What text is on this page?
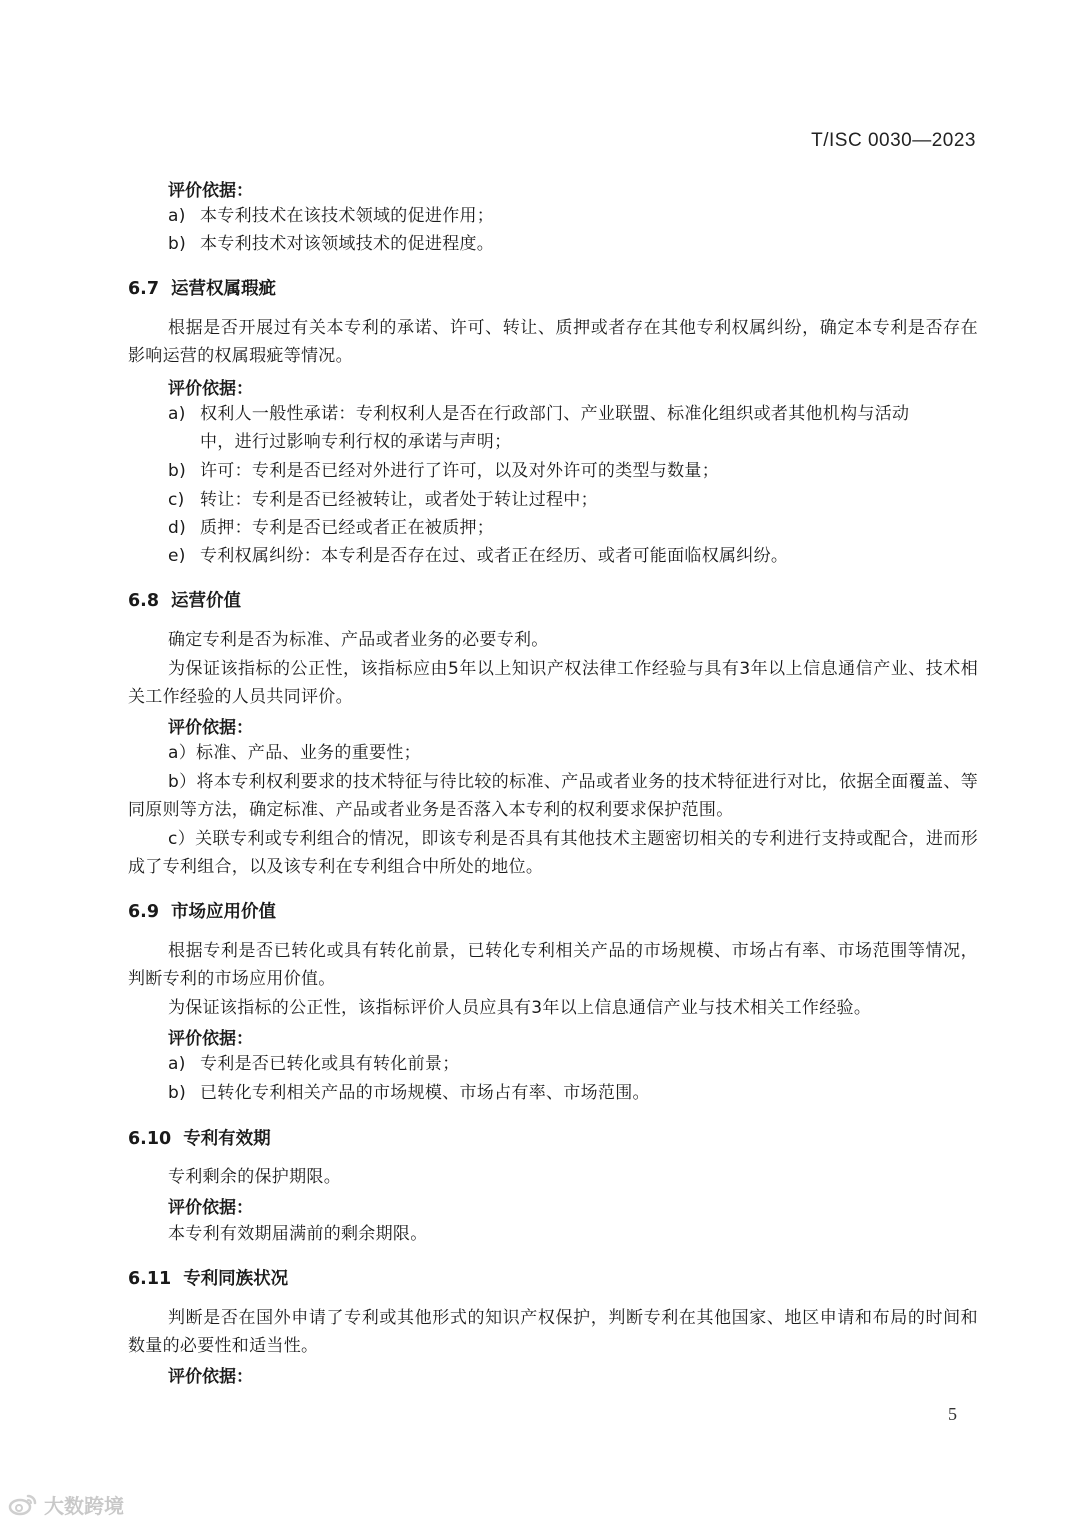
T/ISC 0030—2023
评价依据：
a) 本专利技术在该技术领域的促进作用；
b) 本专利技术对该领域技术的促进程度。
6.7 运营权属瑕疵
根据是否开展过有关本专利的承诺、许可、转让、质押或者存在其他专利权属纠纷，确定本专利是否存在影响运营的权属瑕疵等情况。
评价依据：
a) 权利人一般性承诺：专利权利人是否在行政部门、产业联盟、标准化组织或者其他机构与活动
中，进行过影响专利行权的承诺与声明；
b) 许可：专利是否已经对外进行了许可，以及对外许可的类型与数量；
c) 转让：专利是否已经被转让，或者处于转让过程中；
d) 质押：专利是否已经或者正在被质押；
e) 专利权属纠纷：本专利是否存在过、或者正在经历、或者可能面临权属纠纷。
6.8 运营价值
确定专利是否为标准、产品或者业务的必要专利。
为保证该指标的公正性，该指标应由5年以上知识产权法律工作经验与具有3年以上信息通信产业、技术相关工作经验的人员共同评价。
评价依据：
a）标准、产品、业务的重要性；
b）将本专利权利要求的技术特征与待比较的标准、产品或者业务的技术特征进行对比，依据全面覆盖、等同原则等方法，确定标准、产品或者业务是否落入本专利的权利要求保护范围。
c）关联专利或专利组合的情况，即该专利是否具有其他技术主题密切相关的专利进行支持或配合，进而形成了专利组合，以及该专利在专利组合中所处的地位。
6.9 市场应用价值
根据专利是否已转化或具有转化前景，已转化专利相关产品的市场规模、市场占有率、市场范围等情况，判断专利的市场应用价值。
为保证该指标的公正性，该指标评价人员应具有3年以上信息通信产业与技术相关工作经验。
评价依据：
a) 专利是否已转化或具有转化前景；
b) 已转化专利相关产品的市场规模、市场占有率、市场范围。
6.10 专利有效期
专利剩余的保护期限。
评价依据：
本专利有效期届满前的剩余期限。
6.11 专利同族状况
判断是否在国外申请了专利或其他形式的知识产权保护，判断专利在其他国家、地区申请和布局的时间和数量的必要性和适当性。
评价依据：
5
大数跨境
